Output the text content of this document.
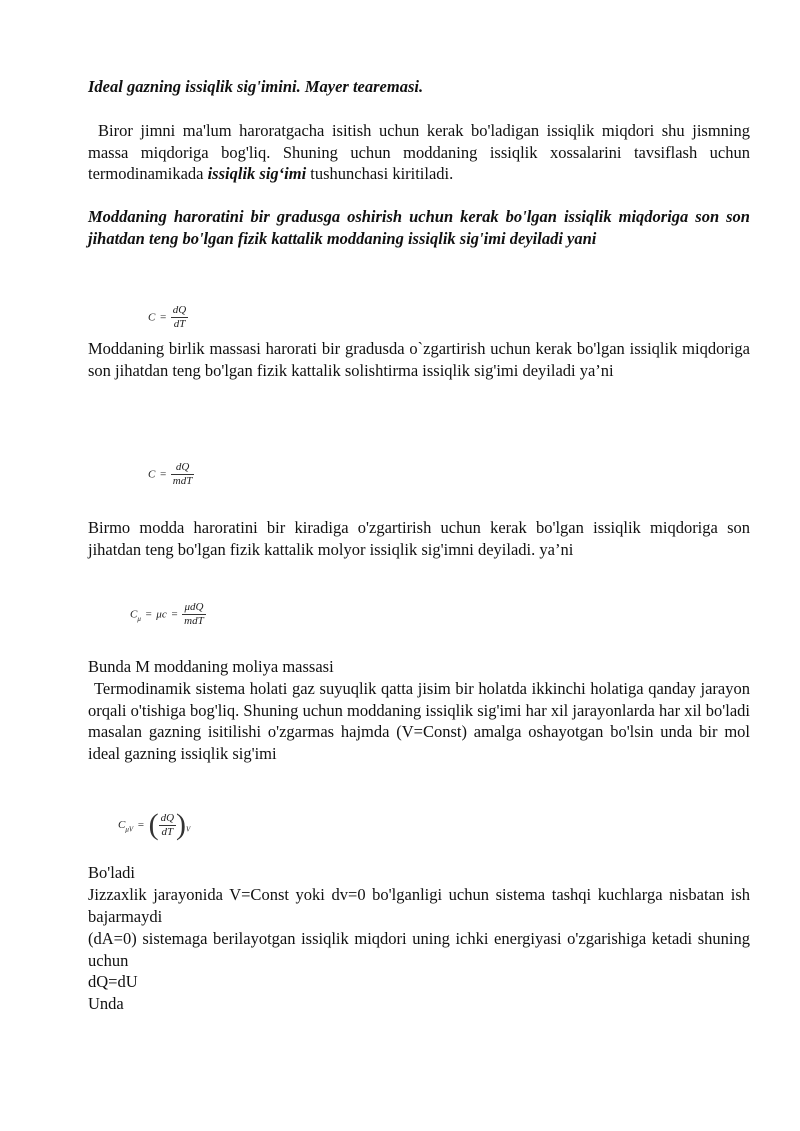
Ideal gazning issiqlik sig'imini. Mayer tearemasi.
Biror jimni ma'lum haroratgacha isitish uchun kerak bo'ladigan issiqlik miqdori shu jismning massa miqdoriga bog'liq. Shuning uchun moddaning issiqlik xossalarini tavsiflash uchun termodinamikada issiqlik sig‘imi tushunchasi kiritiladi.
Moddaning haroratini bir gradusga oshirish uchun kerak bo'lgan issiqlik miqdoriga son son jihatdan teng bo'lgan fizik kattalik moddaning issiqlik sig'imi deyiladi yani
$C = \frac{dQ}{dT}$
Moddaning birlik massasi harorati bir gradusda o`zgartirish uchun kerak bo'lgan issiqlik miqdoriga son jihatdan teng bo'lgan fizik kattalik solishtirma issiqlik sig'imi deyiladi ya’ni
$C = \frac{dQ}{\text{mdT}}$
Birmo modda haroratini bir kiradiga o'zgartirish uchun kerak bo'lgan issiqlik miqdoriga son jihatdan teng bo'lgan fizik kattalik molyor issiqlik sig'imni deyiladi. ya’ni
$C\mu = \mu c = \frac{\text{μdQ}}{\text{mdT}}$
Bunda M moddaning moliya massasi
Termodinamik sistema holati gaz suyuqlik qatta jisim bir holatda ikkinchi holatiga qanday jarayon orqali o'tishiga bog'liq. Shuning uchun moddaning issiqlik sig'imi har xil jarayonlarda har xil bo'ladi masalan gazning isitilishi o'zgarmas hajmda (V=Const) amalga oshayotgan bo'lsin unda bir mol ideal gazning issiqlik sig'imi
CμV = ( $\frac{dQ}{dT} )V$
Bo'ladi
Jizzaxlik jarayonida V=Const yoki dv=0 bo'lganligi uchun sistema tashqi kuchlarga nisbatan ish bajarmaydi
(dA=0) sistemaga berilayotgan issiqlik miqdori uning ichki energiyasi o'zgarishiga ketadi shuning uchun
dQ=dU
Unda
